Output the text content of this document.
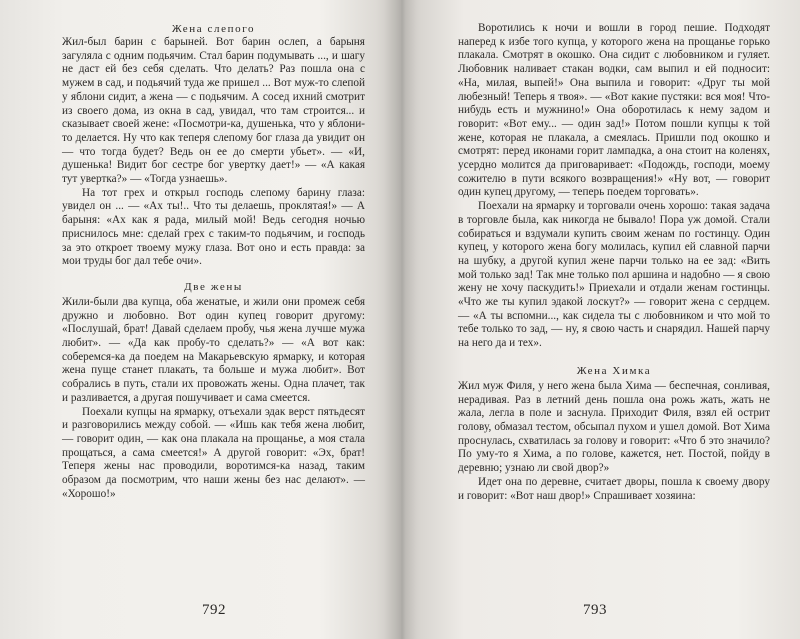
Жена слепого

Жил-был барин с барыней. Вот барин ослеп, а барыня загуляла с одним подьячим. Стал барин подумывать ..., и шагу не даст ей без себя сделать. Что делать? Раз пошла она с мужем в сад, и подьячий туда же пришел ... Вот муж-то слепой у яблони сидит, а жена — с подьячим. А сосед ихний смотрит из своего дома, из окна в сад, увидал, что там строится... и сказывает своей жене: «Посмотри-ка, душенька, что у яблони-то делается. Ну что как теперя слепому бог глаза да увидит он — что тогда будет? Ведь он ее до смерти убьет». — «И, душенька! Видит бог сестре бог увертку дает!» — «А какая тут увертка?» — «Тогда узнаешь».

На тот грех и открыл господь слепому барину глаза: увидел он ... — «Ах ты!.. Что ты делаешь, проклятая!» — А барыня: «Ах как я рада, милый мой! Ведь сегодня ночью приснилось мне: сделай грех с таким-то подьячим, и господь за это откроет твоему мужу глаза. Вот оно и есть правда: за мои труды бог дал тебе очи».

Две жены

Жили-были два купца, оба женатые, и жили они промеж себя дружно и любовно. Вот один купец говорит другому: «Послушай, брат! Давай сделаем пробу, чья жена лучше мужа любит». — «Да как пробу-то сделать?» — «А вот как: соберемся-ка да поедем на Макарьевскую ярмарку, и которая жена пуще станет плакать, та больше и мужа любит». Вот собрались в путь, стали их провожать жены. Одна плачет, так и разливается, а другая пошучивает и сама смеется.

Поехали купцы на ярмарку, отъехали эдак верст пятьдесят и разговорились между собой. — «Ишь как тебя жена любит, — говорит один, — как она плакала на прощанье, а моя стала прощаться, а сама смеется!» А другой говорит: «Эх, брат! Теперя жены нас проводили, воротимся-ка назад, таким образом да посмотрим, что наши жены без нас делают». — «Хорошо!»

792

Воротились к ночи и вошли в город пешие. Подходят наперед к избе того купца, у которого жена на прощанье горько плакала. Смотрят в окошко. Она сидит с любовником и гуляет. Любовник наливает стакан водки, сам выпил и ей подносит: «На, милая, выпей!» Она выпила и говорит: «Друг ты мой любезный! Теперь я твоя». — «Вот какие пустяки: вся моя! Что-нибудь есть и мужнино!» Она оборотилась к нему задом и говорит: «Вот ему... — один зад!» Потом пошли купцы к той жене, которая не плакала, а смеялась. Пришли под окошко и смотрят: перед иконами горит лампадка, а она стоит на коленях, усердно молится да приговаривает: «Подождь, господи, моему сожителю в пути всякого возвращения!» «Ну вот, — говорит один купец другому, — теперь поедем торговать».

Поехали на ярмарку и торговали очень хорошо: такая задача в торговле была, как никогда не бывало! Пора уж домой. Стали собираться и вздумали купить своим женам по гостинцу. Один купец, у которого жена богу молилась, купил ей славной парчи на шубку, а другой купил жене парчи только на ее зад: «Вить мой только зад! Так мне только пол аршина и надобно — я свою жену не хочу паскудить!» Приехали и отдали женам гостинцы. «Что же ты купил эдакой лоскут?» — говорит жена с сердцем. — «А ты вспомни..., как сидела ты с любовником и что мой то тебе только то зад, — ну, я свою часть и снарядил. Нашей парчу на него да и тех».

Жена Химка

Жил муж Филя, у него жена была Хима — беспечная, сонливая, нерадивая. Раз в летний день пошла она рожь жать, жать не жала, легла в поле и заснула. Приходит Филя, взял ей острит голову, обмазал тестом, обсыпал пухом и ушел домой. Вот Хима проснулась, схватилась за голову и говорит: «Что б это значило? По уму-то я Хима, а по голове, кажется, нет. Постой, пойду в деревню; узнаю ли свой двор?»

Идет она по деревне, считает дворы, пошла к своему двору и говорит: «Вот наш двор!» Спрашивает хозяина:

793
